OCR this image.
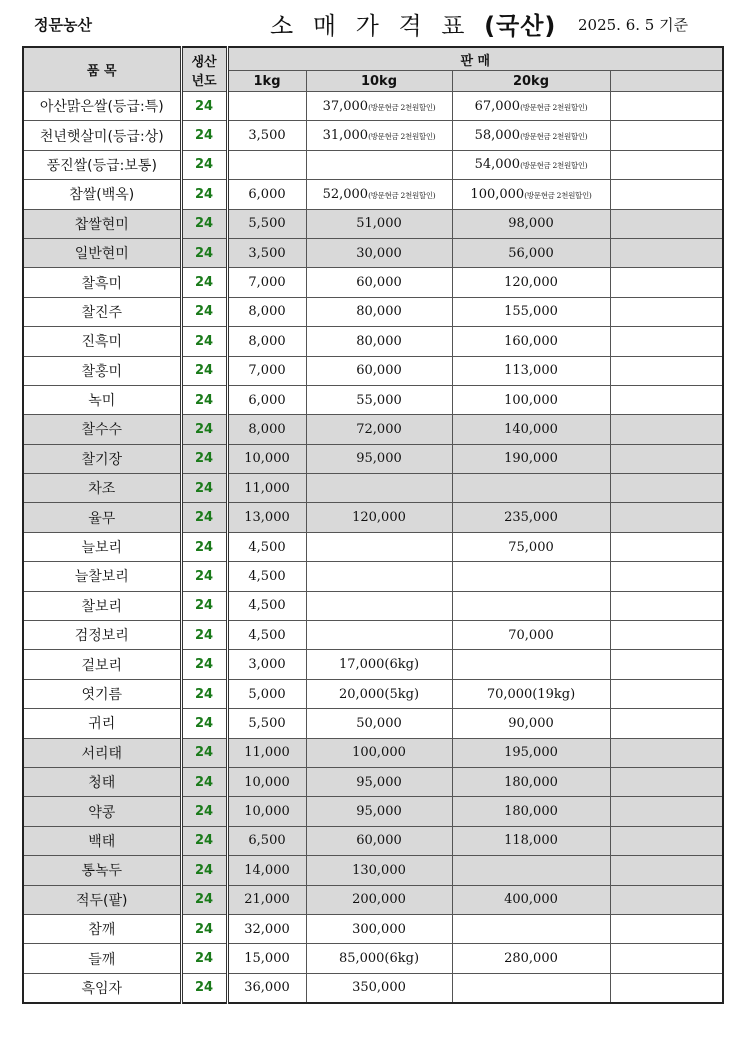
정문농산	소 매 가 격 표 (국산) 2025. 6. 5 기준
품 목	생산
년도	판 매			
		1kg	10kg	20kg	
아산맑은쌀(등급:특)	24		37,000(방문현금 2천원할인)	67,000(방문현금 2천원할인)	
천년햇살미(등급:상)	24	3,500	31,000(방문현금 2천원할인)	58,000(방문현금 2천원할인)	
풍진쌀(등급:보통)	24			54,000(방문현금 2천원할인)	
참쌀(백옥)	24	6,000	52,000(방문현금 2천원할인)	100,000(방문현금 2천원할인)	
찹쌀현미	24	5,500	51,000	98,000	
일반현미	24	3,500	30,000	56,000	
찰흑미	24	7,000	60,000	120,000	
찰진주	24	8,000	80,000	155,000	
진흑미	24	8,000	80,000	160,000	
찰홍미	24	7,000	60,000	113,000	
녹미	24	6,000	55,000	100,000	
찰수수	24	8,000	72,000	140,000	
찰기장	24	10,000	95,000	190,000	
차조	24	11,000			
율무	24	13,000	120,000	235,000	
늘보리	24	4,500		75,000	
늘찰보리	24	4,500			
찰보리	24	4,500			
검정보리	24	4,500		70,000	
겉보리	24	3,000	17,000(6kg)		
엿기름	24	5,000	20,000(5kg)	70,000(19kg)	
귀리	24	5,500	50,000	90,000	
서리태	24	11,000	100,000	195,000	
청태	24	10,000	95,000	180,000	
약콩	24	10,000	95,000	180,000	
백태	24	6,500	60,000	118,000	
통녹두	24	14,000	130,000		
적두(팥)	24	21,000	200,000	400,000	
참깨	24	32,000	300,000		
들깨	24	15,000	85,000(6kg)	280,000	
흑임자	24	36,000	350,000		
